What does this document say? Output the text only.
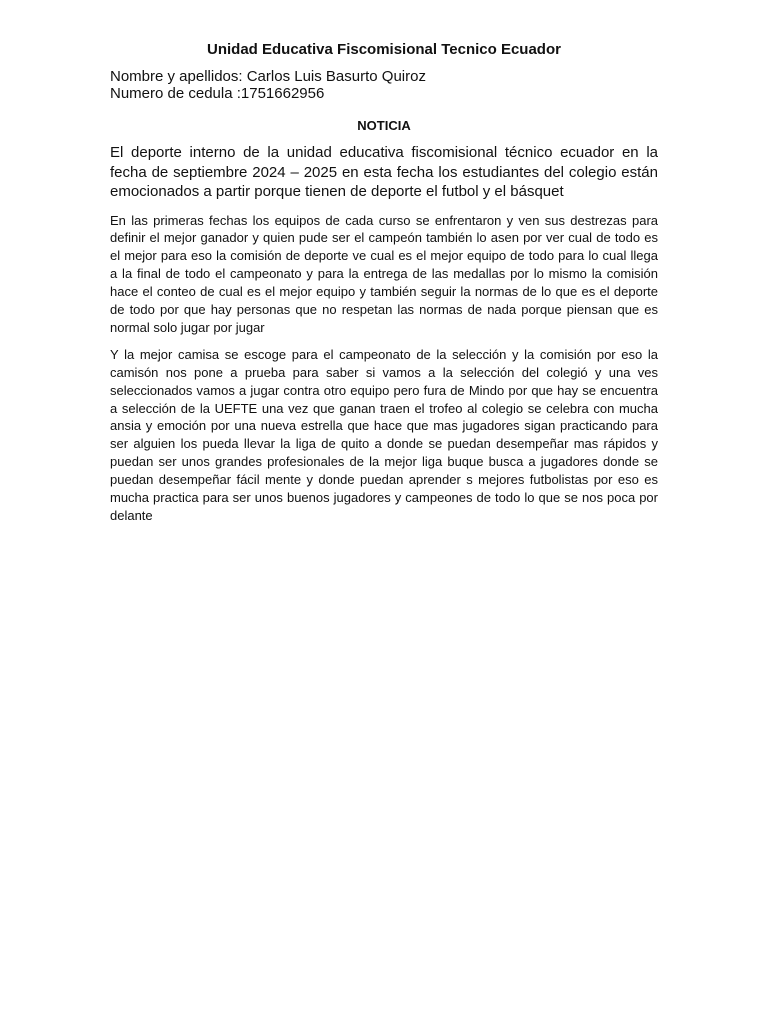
Unidad Educativa Fiscomisional Tecnico Ecuador
Nombre y apellidos: Carlos Luis Basurto Quiroz
Numero de cedula :1751662956
NOTICIA

El deporte interno de la unidad educativa fiscomisional técnico ecuador en la fecha de septiembre 2024 – 2025 en esta fecha los estudiantes del colegio están emocionados a partir porque tienen de deporte el futbol y el básquet

En las primeras fechas los equipos de cada curso se enfrentaron y ven sus destrezas para definir el mejor ganador y quien pude ser el campeón también lo asen por ver cual de todo es el mejor para eso la comisión de deporte ve cual es el mejor equipo de todo para lo cual llega a la final de todo el campeonato y para la entrega de las medallas por lo mismo la comisión hace el conteo de cual es el mejor equipo y también seguir la normas de lo que es el deporte de todo por que hay personas que no respetan las normas de nada porque piensan que es normal solo jugar por jugar

Y la mejor camisa se escoge para el campeonato de la selección y la comisión por eso la camisón nos pone a prueba para saber si vamos a la selección del colegió y una ves seleccionados vamos a jugar contra otro equipo pero fura de Mindo por que hay se encuentra a selección de la UEFTE una vez que ganan traen el trofeo al colegio se celebra con mucha ansia y emoción por una nueva estrella que hace que mas jugadores sigan practicando para ser alguien los pueda llevar la liga de quito a donde se puedan desempeñar mas rápidos y puedan ser unos grandes profesionales de la mejor liga buque busca a jugadores donde se puedan desempeñar fácil mente y donde puedan aprender s mejores futbolistas por eso es mucha practica para ser unos buenos jugadores y campeones de todo lo que se nos poca por delante
